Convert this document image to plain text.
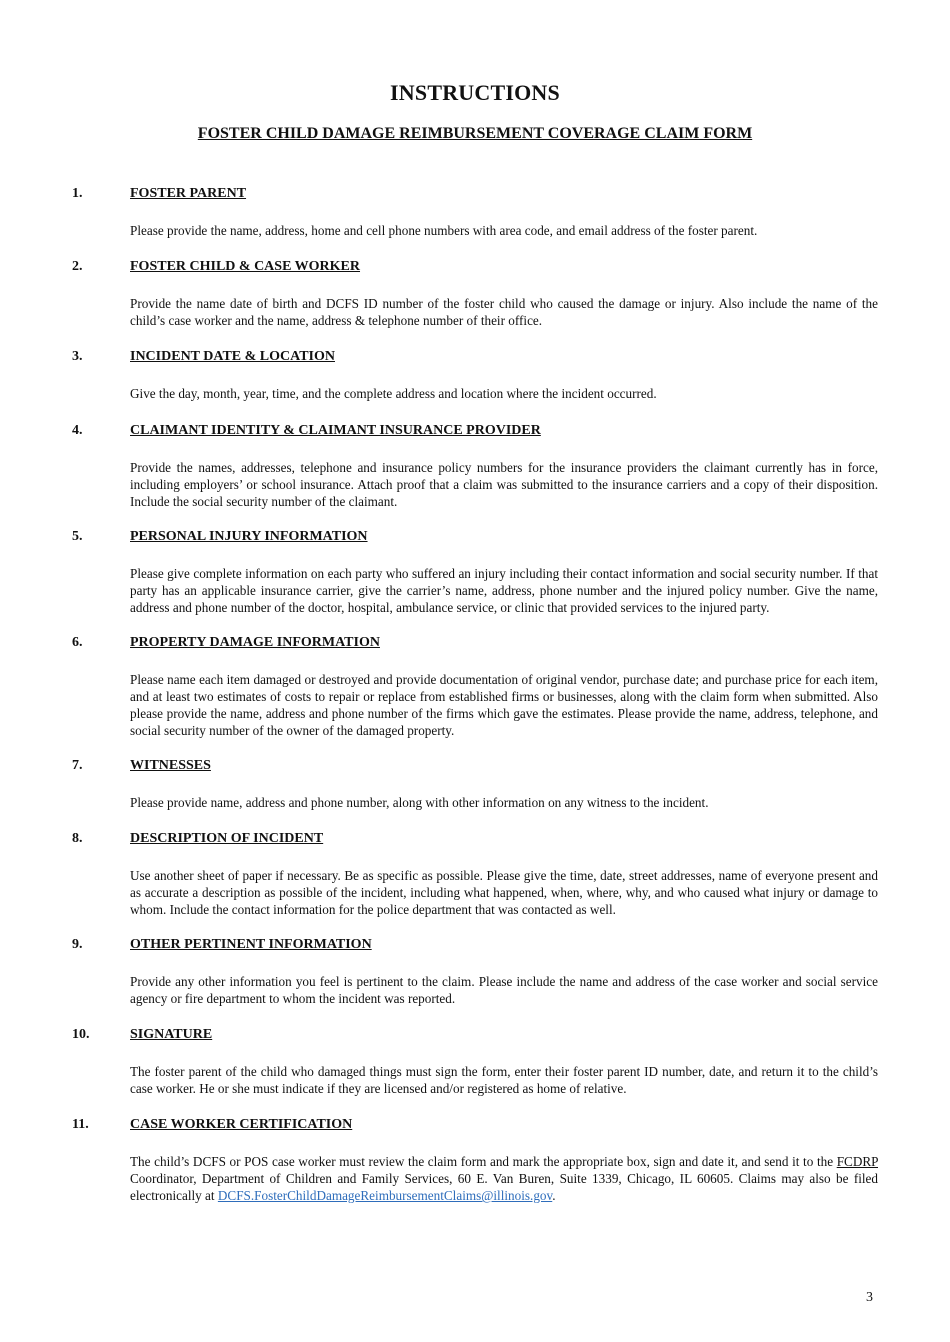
INSTRUCTIONS
FOSTER CHILD DAMAGE REIMBURSEMENT COVERAGE CLAIM FORM
1.	FOSTER PARENT
Please provide the name, address, home and cell phone numbers with area code, and email address of the foster parent.
2.	FOSTER CHILD & CASE WORKER
Provide the name date of birth and DCFS ID number of the foster child who caused the damage or injury. Also include the name of the child’s case worker and the name, address & telephone number of their office.
3.	INCIDENT DATE & LOCATION
Give the day, month, year, time, and the complete address and location where the incident occurred.
4.	CLAIMANT IDENTITY & CLAIMANT INSURANCE PROVIDER
Provide the names, addresses, telephone and insurance policy numbers for the insurance providers the claimant currently has in force, including employers’ or school insurance. Attach proof that a claim was submitted to the insurance carriers and a copy of their disposition. Include the social security number of the claimant.
5.	PERSONAL INJURY INFORMATION
Please give complete information on each party who suffered an injury including their contact information and social security number. If that party has an applicable insurance carrier, give the carrier’s name, address, phone number and the injured policy number. Give the name, address and phone number of the doctor, hospital, ambulance service, or clinic that provided services to the injured party.
6.	PROPERTY DAMAGE INFORMATION
Please name each item damaged or destroyed and provide documentation of original vendor, purchase date; and purchase price for each item, and at least two estimates of costs to repair or replace from established firms or businesses, along with the claim form when submitted. Also please provide the name, address and phone number of the firms which gave the estimates. Please provide the name, address, telephone, and social security number of the owner of the damaged property.
7.	WITNESSES
Please provide name, address and phone number, along with other information on any witness to the incident.
8.	DESCRIPTION OF INCIDENT
Use another sheet of paper if necessary. Be as specific as possible. Please give the time, date, street addresses, name of everyone present and as accurate a description as possible of the incident, including what happened, when, where, why, and who caused what injury or damage to whom. Include the contact information for the police department that was contacted as well.
9.	OTHER PERTINENT INFORMATION
Provide any other information you feel is pertinent to the claim. Please include the name and address of the case worker and social service agency or fire department to whom the incident was reported.
10.	SIGNATURE
The foster parent of the child who damaged things must sign the form, enter their foster parent ID number, date, and return it to the child’s case worker. He or she must indicate if they are licensed and/or registered as home of relative.
11.	CASE WORKER CERTIFICATION
The child’s DCFS or POS case worker must review the claim form and mark the appropriate box, sign and date it, and send it to the FCDRP Coordinator, Department of Children and Family Services, 60 E. Van Buren, Suite 1339, Chicago, IL 60605. Claims may also be filed electronically at DCFS.FosterChildDamageReimbursementClaims@illinois.gov.
3
